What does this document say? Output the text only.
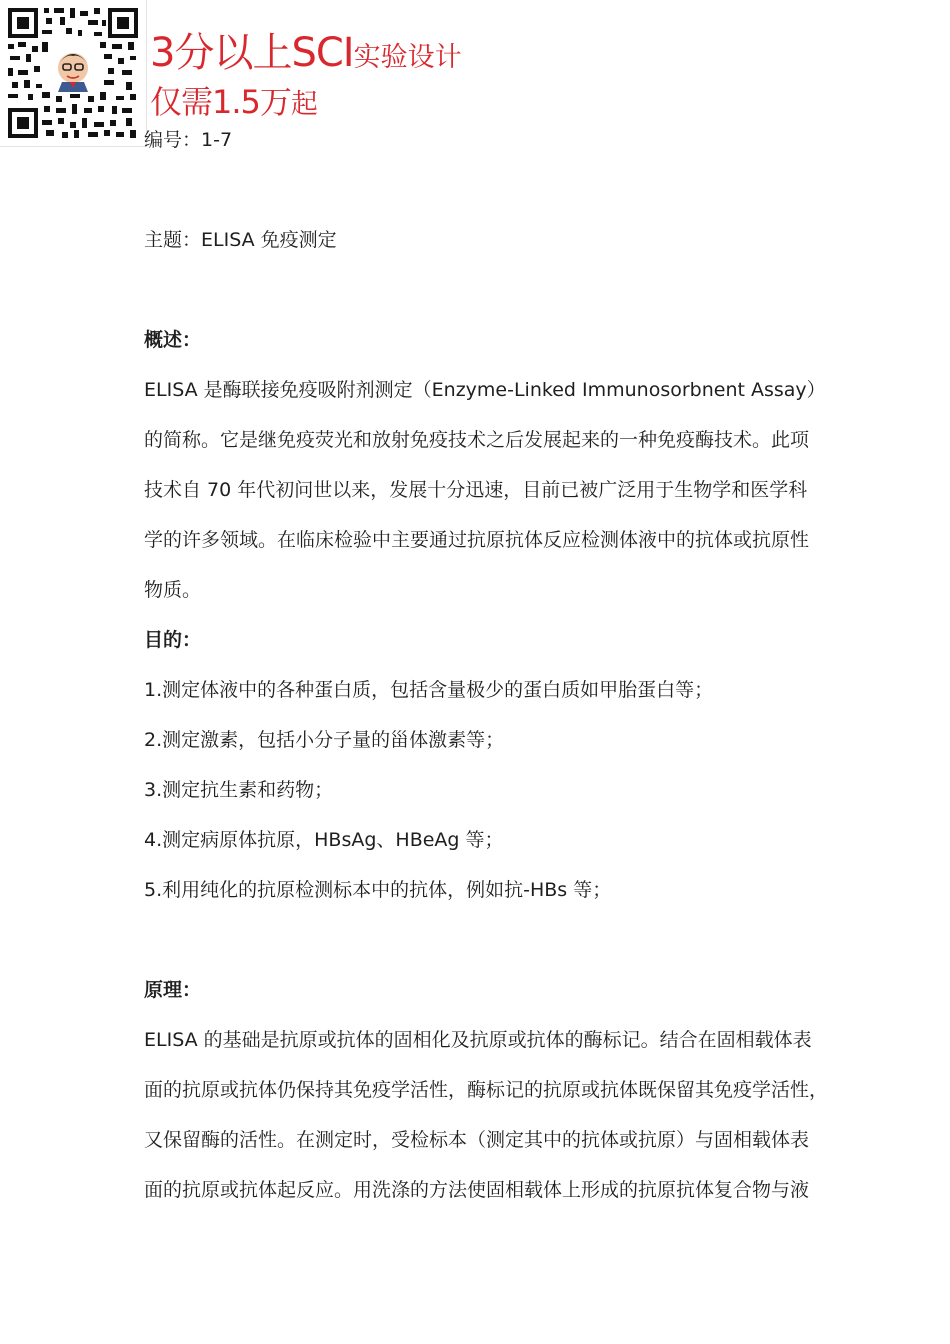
3分以上SCI实验设计
仅需1.5万起
编号：1-7
主题：ELISA 免疫测定
概述：
ELISA 是酶联接免疫吸附剂测定（Enzyme-Linked Immunosorbnent Assay）
的简称。它是继免疫荧光和放射免疫技术之后发展起来的一种免疫酶技术。此项
技术自 70 年代初问世以来，发展十分迅速，目前已被广泛用于生物学和医学科
学的许多领域。在临床检验中主要通过抗原抗体反应检测体液中的抗体或抗原性
物质。
目的：
1.测定体液中的各种蛋白质，包括含量极少的蛋白质如甲胎蛋白等；
2.测定激素，包括小分子量的甾体激素等；
3.测定抗生素和药物；
4.测定病原体抗原，HBsAg、HBeAg 等；
5.利用纯化的抗原检测标本中的抗体，例如抗-HBs 等；
原理：
ELISA 的基础是抗原或抗体的固相化及抗原或抗体的酶标记。结合在固相载体表
面的抗原或抗体仍保持其免疫学活性，酶标记的抗原或抗体既保留其免疫学活性，
又保留酶的活性。在测定时，受检标本（测定其中的抗体或抗原）与固相载体表
面的抗原或抗体起反应。用洗涤的方法使固相载体上形成的抗原抗体复合物与液
